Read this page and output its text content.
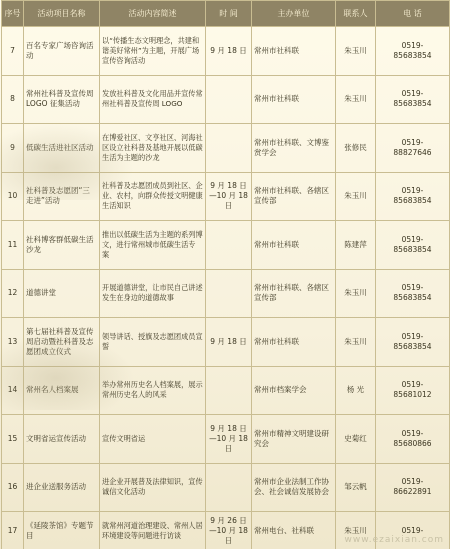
序号	活动项目名称	活动内容简述	时 间	主办单位	联系人	电 话
7	百名专家广场咨询活动	以“传播生态文明理念，共建和谐美好常州”为主题，开展广场宣传咨询活动	9 月 18 日	常州市社科联	朱玉川	0519-
85683854
8	常州社科普及宣传周 LOGO 征集活动	发放社科普及文化用品并宣传常州社科普及宣传周 LOGO		常州市社科联	朱玉川	0519-
85683854
9	低碳生活进社区活动	在博爱社区、文亨社区、河海社区设立社科普及基地开展以低碳生活为主题的沙龙		常州市社科联、文博鉴赏学会	张修民	0519-
88827646
10	社科普及志愿团“三走进”活动	社科普及志愿团成员到社区、企业、农村，向群众传授文明健康生活知识	9 月 18 日
—10 月 18 日	常州市社科联、各辖区宣传部	朱玉川	0519-
85683854
11	社科博客群低碳生活沙龙	推出以低碳生活为主题的系列博文，进行常州城市低碳生活专 案		常州市社科联	陈建萍	0519-
85683854
12	道德讲堂	开展道德讲堂，让市民自己讲述发生在身边的道德故事		常州市社科联、各辖区宣传部	朱玉川	0519-
85683854
13	第七届社科普及宣传周启动暨社科普及志愿团成立仪式	领导讲话、授旗及志愿团成员宣誓	9 月 18 日	常州市社科联	朱玉川	0519-
85683854
14	常州名人档案展	举办常州历史名人档案展，展示常州历史名人的风采		常州市档案学会	杨 光	0519-
85681012
15	文明省运宣传活动	宣传文明省运	9 月 18 日
—10 月 18 日	常州市精神文明建设研究会	史菊红	0519-
85680866
16	进企业送服务活动	进企业开展普及法律知识，宣传诚信文化活动		常州市企业法制工作协会、社会诚信发展协会	邹云帆	0519-
86622891
17	《延陵茶馆》专题节目	就常州河道治理建设、常州人居环境建设等问题进行访谈	9 月 26 日
—10 月 18 日	常州电台、社科联	朱玉川	0519-
www.ezaixian.com
